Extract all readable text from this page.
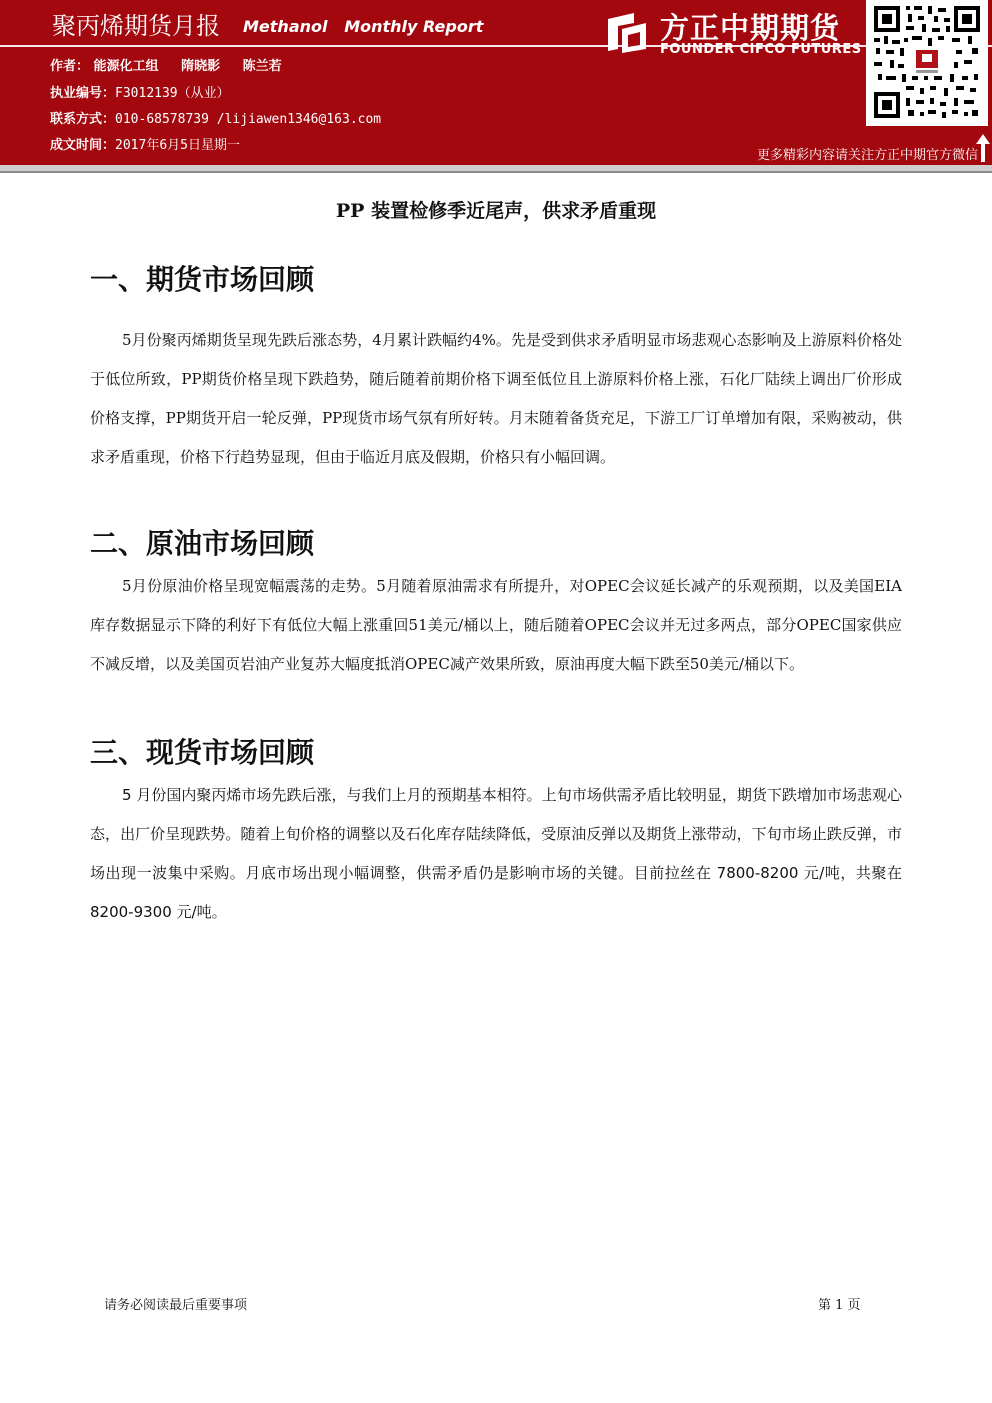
聚丙烯期货月报 Methanol   Monthly Report
作者： 能源化工组 隋晓影 陈兰若
执业编号：F3012139（从业）
联系方式：010-68578739 /lijiawen1346@163.com
成文时间：2017年6月5日星期一
方正中期期货
FOUNDER CIFCO FUTURES
更多精彩内容请关注方正中期官方微信
PP 装置检修季近尾声，供求矛盾重现
一、期货市场回顾
5月份聚丙烯期货呈现先跌后涨态势，4月累计跌幅约4%。先是受到供求矛盾明显市场悲观心态影响及上游原料价格处于低位所致，PP期货价格呈现下跌趋势，随后随着前期价格下调至低位且上游原料价格上涨，石化厂陆续上调出厂价形成价格支撑，PP期货开启一轮反弹，PP现货市场气氛有所好转。月末随着备货充足，下游工厂订单增加有限，采购被动，供求矛盾重现，价格下行趋势显现，但由于临近月底及假期，价格只有小幅回调。
二、原油市场回顾
5月份原油价格呈现宽幅震荡的走势。5月随着原油需求有所提升，对OPEC会议延长减产的乐观预期，以及美国EIA库存数据显示下降的利好下有低位大幅上涨重回51美元/桶以上，随后随着OPEC会议并无过多两点，部分OPEC国家供应不减反增，以及美国页岩油产业复苏大幅度抵消OPEC减产效果所致，原油再度大幅下跌至50美元/桶以下。
三、现货市场回顾
5 月份国内聚丙烯市场先跌后涨，与我们上月的预期基本相符。上旬市场供需矛盾比较明显，期货下跌增加市场悲观心态，出厂价呈现跌势。随着上旬价格的调整以及石化库存陆续降低，受原油反弹以及期货上涨带动，下旬市场止跌反弹，市场出现一波集中采购。月底市场出现小幅调整，供需矛盾仍是影响市场的关键。目前拉丝在 7800-8200 元/吨，共聚在 8200-9300 元/吨。
请务必阅读最后重要事项	第 1 页
